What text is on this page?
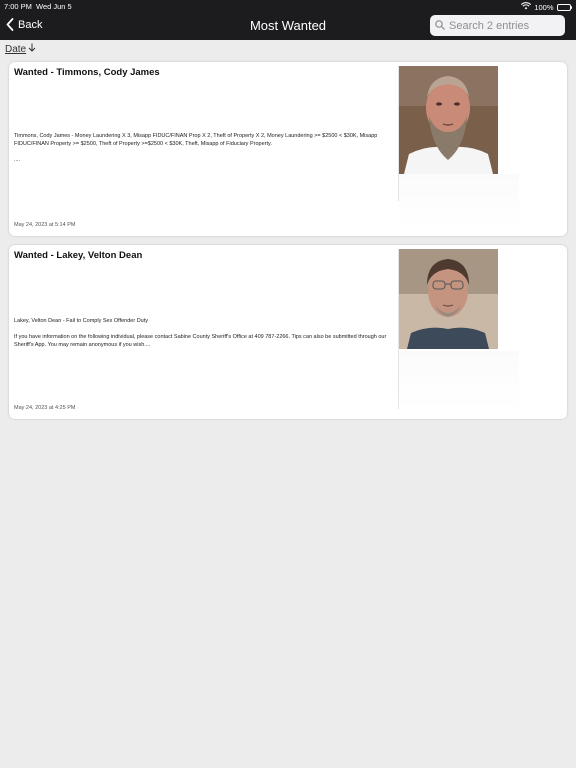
7:00 PM Wed Jun 5	100%
Back	Most Wanted
Search 2 entries
Date
Wanted - Timmons, Cody James

Timmons, Cody James - Money Laundering X 3, Misapp FIDUC/FINAN Prop X 2, Theft of Property X 2, Money Laundering >= $2500 < $30K, Misapp FIDUC/FINAN Property >= $2500, Theft of Property >=$2500 < $30K, Theft, Misapp of Fiduciary Property.

....

May 24, 2023 at 5:14 PM
Wanted - Lakey, Velton Dean

Lakey, Velton Dean - Fail to Comply Sex Offender Duty

If you have information on the following individual, please contact Sabine County Sheriff's Office at 409 787-2266. Tips can also be submitted through our Sheriff's App. You may remain anonymous if you wish....

May 24, 2023 at 4:25 PM
